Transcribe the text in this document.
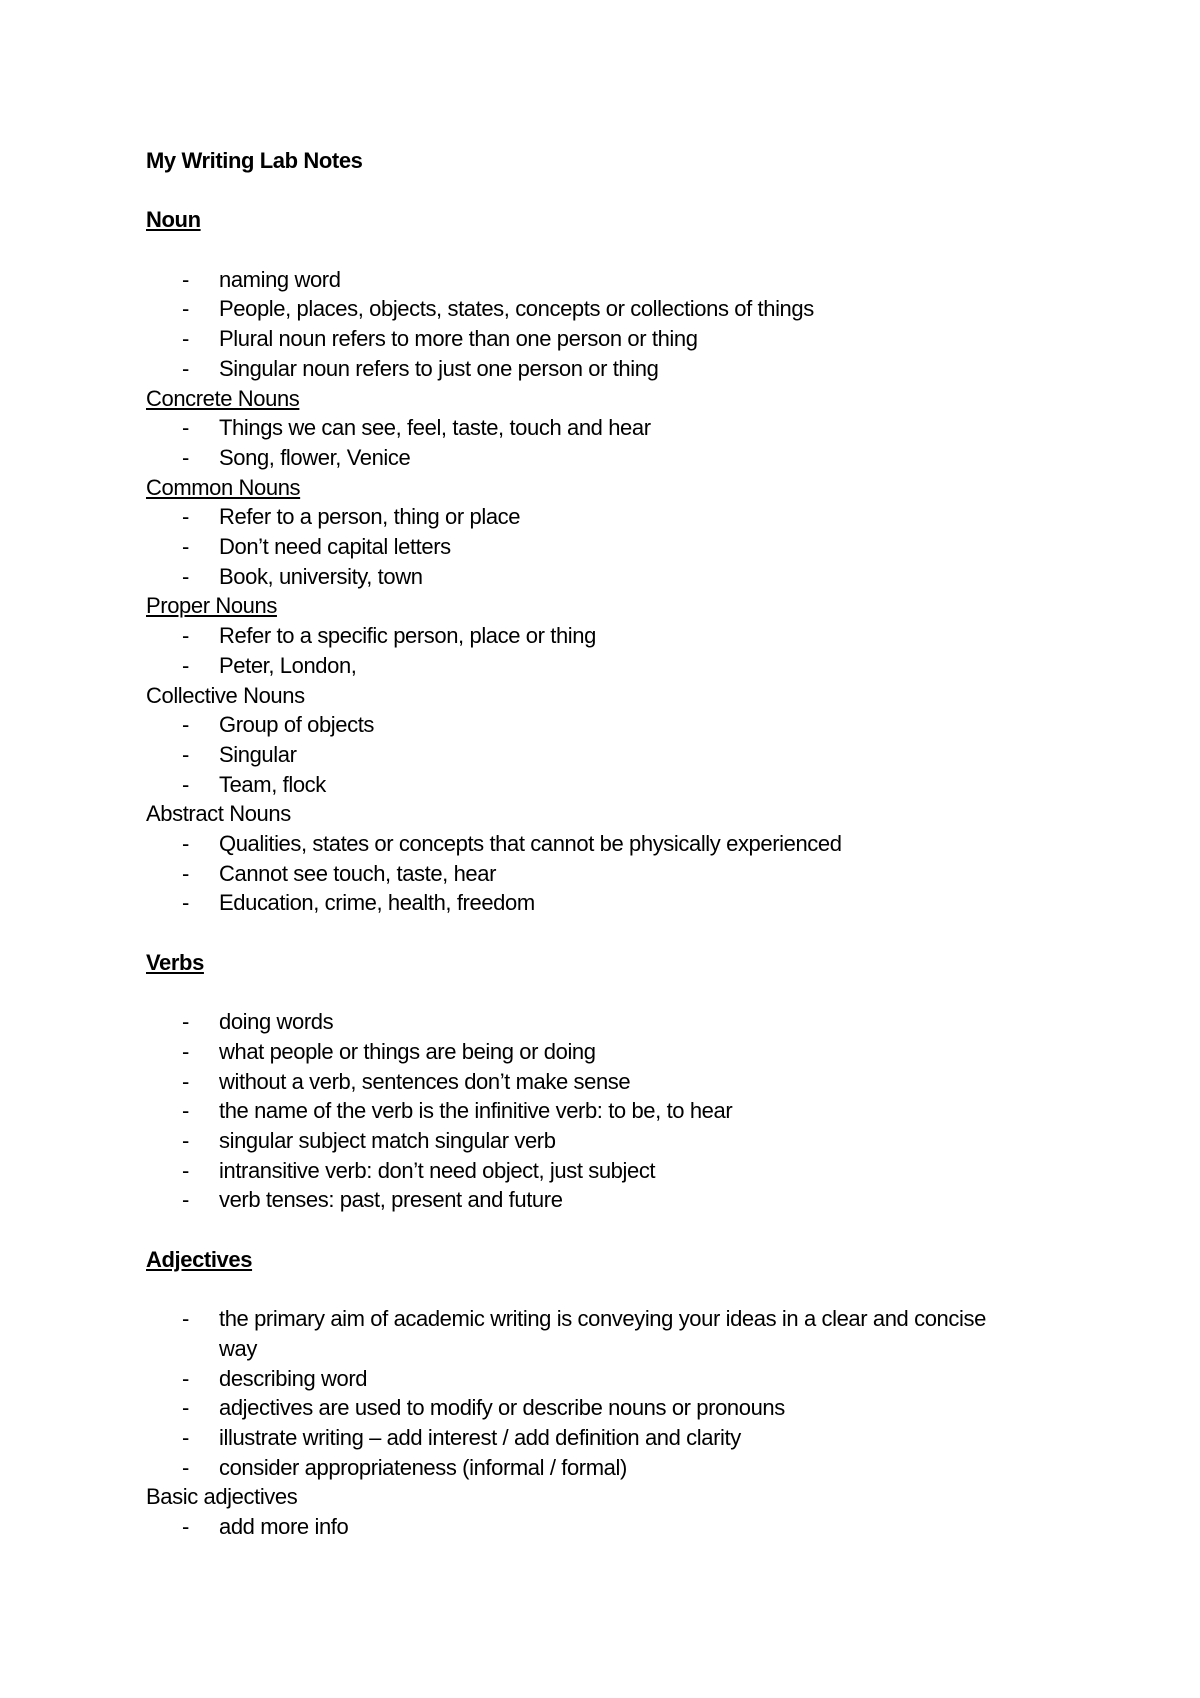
My Writing Lab Notes
Noun
- naming word
- People, places, objects, states, concepts or collections of things
- Plural noun refers to more than one person or thing
- Singular noun refers to just one person or thing
Concrete Nouns
- Things we can see, feel, taste, touch and hear
- Song, flower, Venice
Common Nouns
- Refer to a person, thing or place
- Don’t need capital letters
- Book, university, town
Proper Nouns
- Refer to a specific person, place or thing
- Peter, London,
Collective Nouns
- Group of objects
- Singular
- Team, flock
Abstract Nouns
- Qualities, states or concepts that cannot be physically experienced
- Cannot see touch, taste, hear
- Education, crime, health, freedom
Verbs
- doing words
- what people or things are being or doing
- without a verb, sentences don’t make sense
- the name of the verb is the infinitive verb: to be, to hear
- singular subject match singular verb
- intransitive verb: don’t need object, just subject
- verb tenses: past, present and future
Adjectives
- the primary aim of academic writing is conveying your ideas in a clear and concise way
- describing word
- adjectives are used to modify or describe nouns or pronouns
- illustrate writing – add interest / add definition and clarity
- consider appropriateness (informal / formal)
Basic adjectives
- add more info
